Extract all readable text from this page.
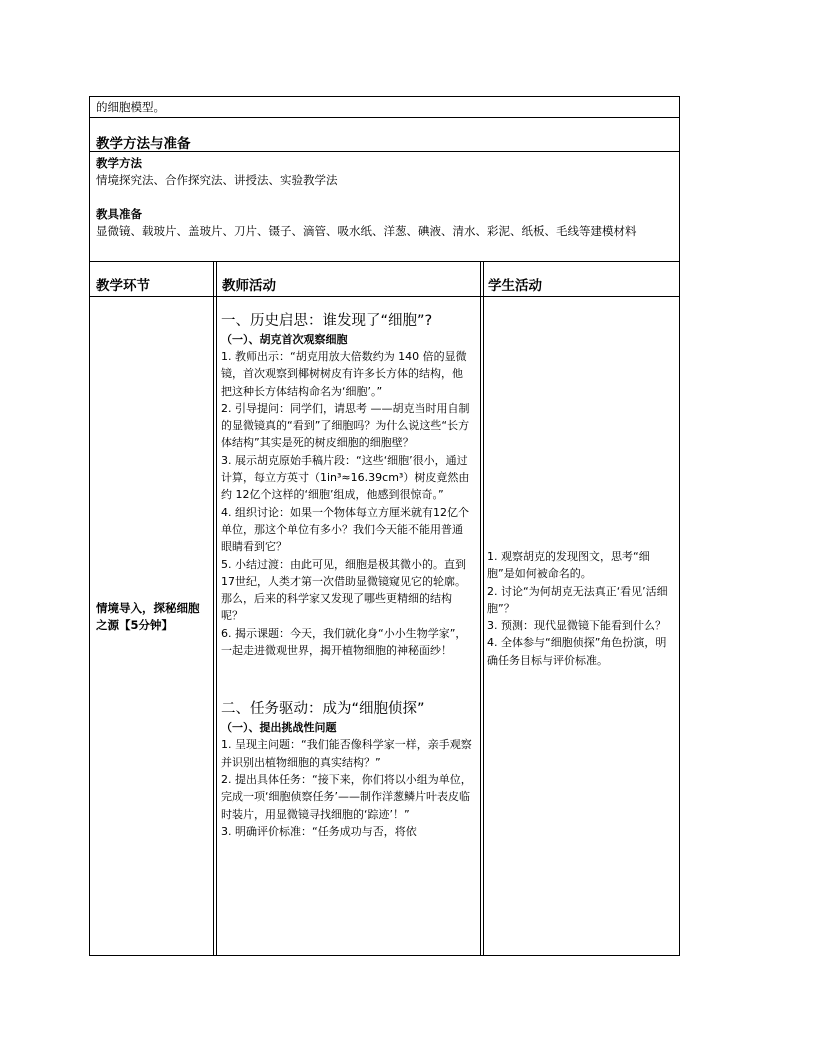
的细胞模型。
教学方法与准备
教学方法
情境探究法、合作探究法、讲授法、实验教学法
教具准备
显微镜、载玻片、盖玻片、刀片、镊子、滴管、吸水纸、洋葱、碘液、清水、彩泥、纸板、毛线等建模材料
教学环节	教师活动	学生活动
情境导入，探秘细胞之源【5分钟】

一、历史启思：谁发现了“细胞”?

（一）、胡克首次观察细胞

1. 教师出示：“胡克用放大倍数约为 140 倍的显微镜，首次观察到椰树树皮有许多长方体的结构，他把这种长方体结构命名为‘细胞’。”

2. 引导提问：同学们，请思考 ——胡克当时用自制的显微镜真的“看到”了细胞吗？为什么说这些“长方体结构”其实是死的树皮细胞的细胞壁？

3. 展示胡克原始手稿片段：“这些‘细胞’很小，通过计算，每立方英寸（1in³≈16.39cm³）树皮竟然由约 12亿个这样的‘细胞’组成，他感到很惊奇。”

4. 组织讨论：如果一个物体每立方厘米就有12亿个单位，那这个单位有多小？我们今天能不能用普通眼睛看到它？

5. 小结过渡：由此可见，细胞是极其微小的。直到 17世纪，人类才第一次借助显微镜窥见它的轮廓。那么，后来的科学家又发现了哪些更精细的结构呢？

6. 揭示课题：今天，我们就化身“小小生物学家”，一起走进微观世界，揭开植物细胞的神秘面纱！

二、任务驱动：成为“细胞侦探”

（一）、提出挑战性问题

1. 呈现主问题：“我们能否像科学家一样，亲手观察并识别出植物细胞的真实结构？”

2. 提出具体任务：“接下来，你们将以小组为单位，完成一项‘细胞侦察任务’——制作洋葱鳞片叶表皮临时装片，用显微镜寻找细胞的‘踪迹’！”

3. 明确评价标准：“任务成功与否，将依

1. 观察胡克的发现图文，思考“细胞”是如何被命名的。

2. 讨论“为何胡克无法真正‘看见’活细胞”？

3. 预测：现代显微镜下能看到什么？

4. 全体参与“细胞侦探”角色扮演，明确任务目标与评价标准。
